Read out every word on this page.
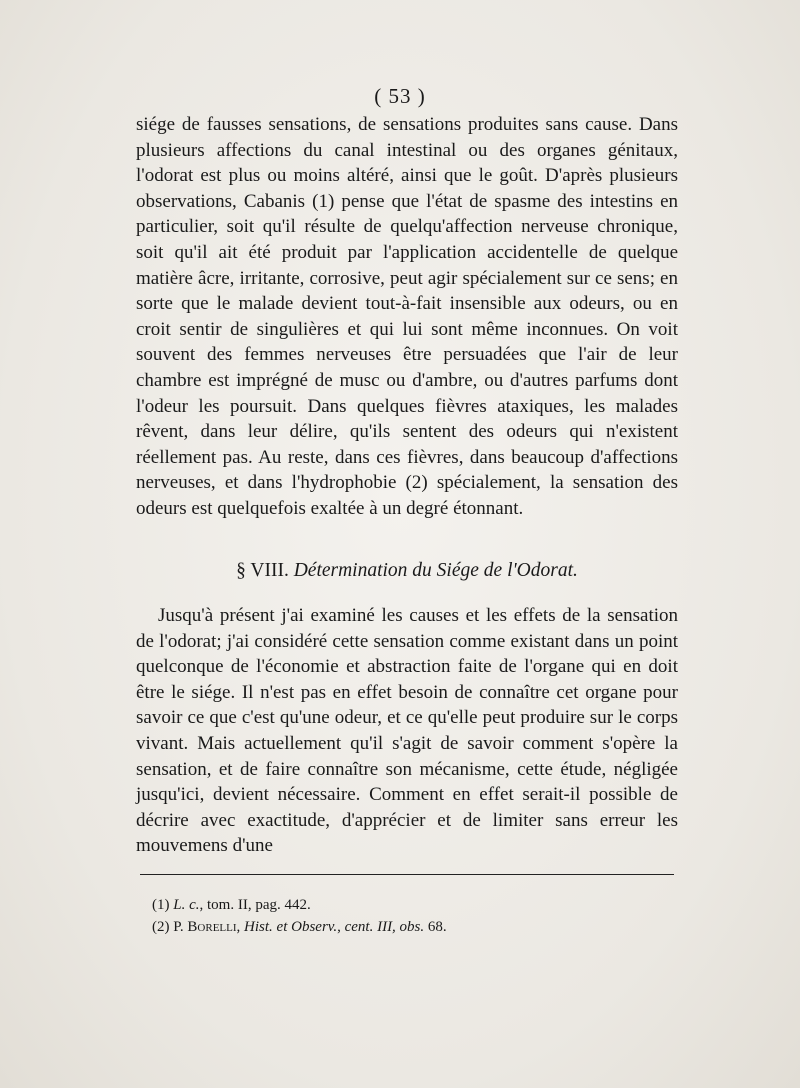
( 53 )

siége de fausses sensations, de sensations produites sans cause. Dans plusieurs affections du canal intestinal ou des organes génitaux, l'odorat est plus ou moins altéré, ainsi que le goût. D'après plusieurs observations, Cabanis (1) pense que l'état de spasme des intestins en particulier, soit qu'il résulte de quelqu'affection nerveuse chronique, soit qu'il ait été produit par l'application accidentelle de quelque matière âcre, irritante, corrosive, peut agir spécialement sur ce sens; en sorte que le malade devient tout-à-fait insensible aux odeurs, ou en croit sentir de singulières et qui lui sont même inconnues. On voit souvent des femmes nerveuses être persuadées que l'air de leur chambre est imprégné de musc ou d'ambre, ou d'autres parfums dont l'odeur les poursuit. Dans quelques fièvres ataxiques, les malades rêvent, dans leur délire, qu'ils sentent des odeurs qui n'existent réellement pas. Au reste, dans ces fièvres, dans beaucoup d'affections nerveuses, et dans l'hydrophobie (2) spécialement, la sensation des odeurs est quelquefois exaltée à un degré étonnant.

§ VIII. Détermination du Siége de l'Odorat.

Jusqu'à présent j'ai examiné les causes et les effets de la sensation de l'odorat; j'ai considéré cette sensation comme existant dans un point quelconque de l'économie et abstraction faite de l'organe qui en doit être le siége. Il n'est pas en effet besoin de connaître cet organe pour savoir ce que c'est qu'une odeur, et ce qu'elle peut produire sur le corps vivant. Mais actuellement qu'il s'agit de savoir comment s'opère la sensation, et de faire connaître son mécanisme, cette étude, négligée jusqu'ici, devient nécessaire. Comment en effet serait-il possible de décrire avec exactitude, d'apprécier et de limiter sans erreur les mouvemens d'une

(1) L. c., tom. II, pag. 442.
(2) P. Borelli, Hist. et Observ., cent. III, obs. 68.
